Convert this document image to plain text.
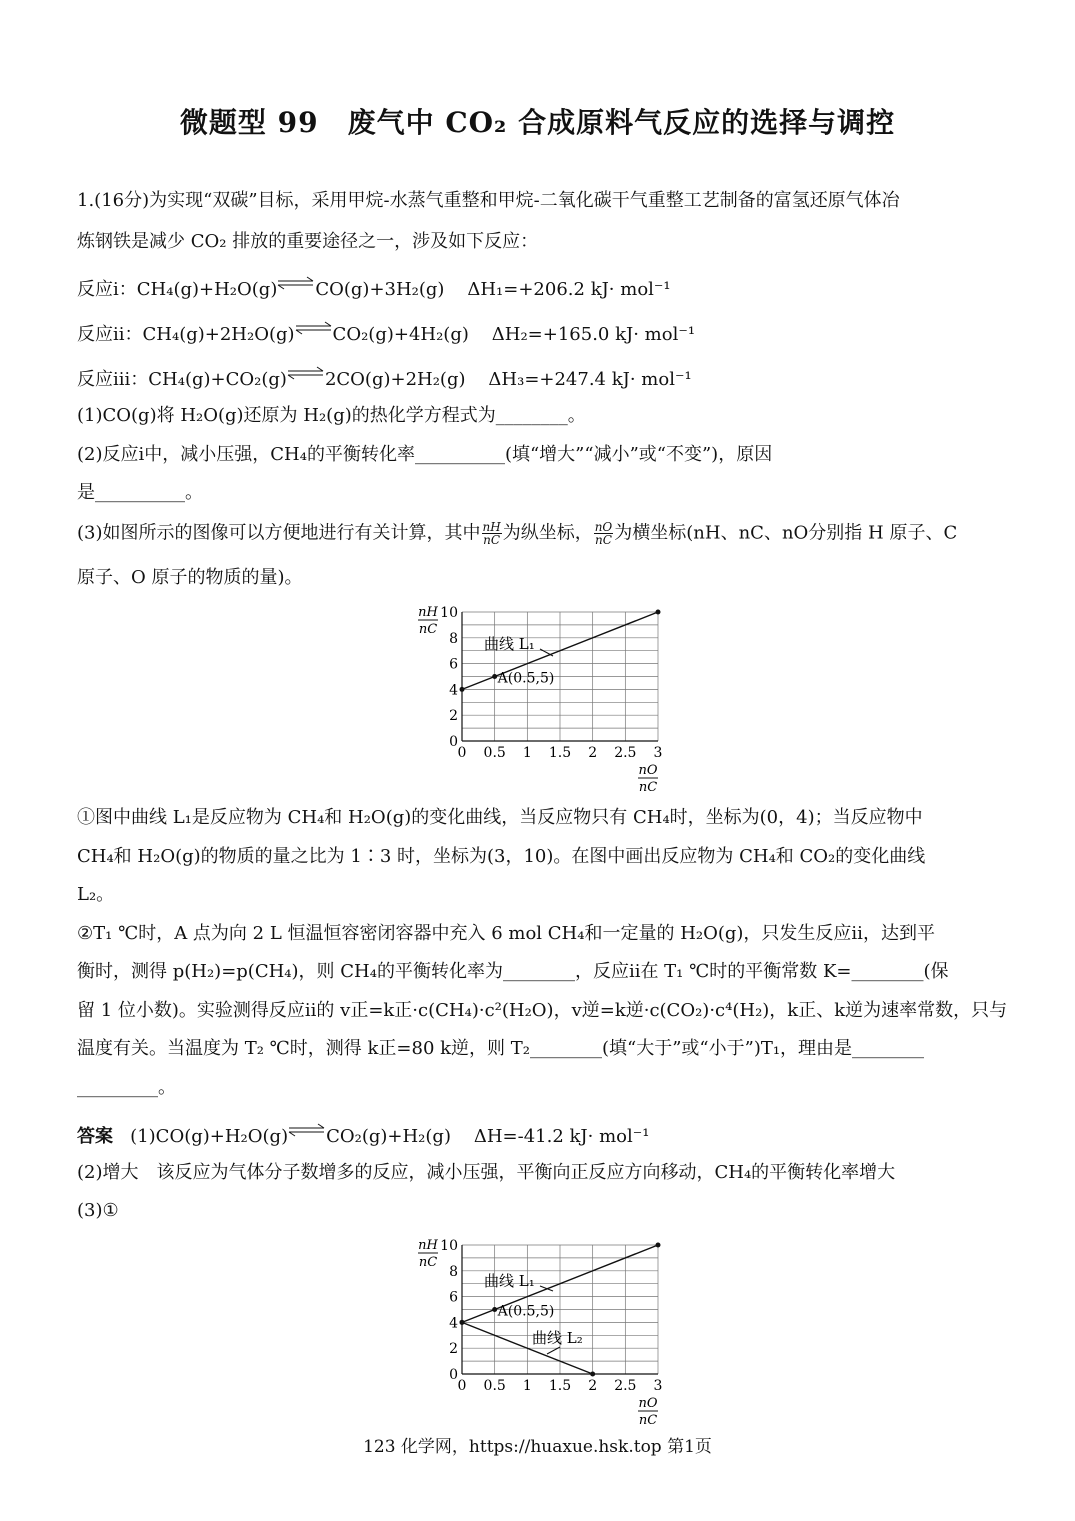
微题型 99　废气中 CO₂ 合成原料气反应的选择与调控
1.(16分)为实现“双碳”目标，采用甲烷-水蒸气重整和甲烷-二氧化碳干气重整工艺制备的富氢还原气体冶
炼钢铁是减少 CO₂ 排放的重要途径之一，涉及如下反应：
反应ⅰ：CH₄(g)+H₂O(g)⇌CO(g)+3H₂(g) ΔH₁=+206.2 kJ· mol⁻¹
反应ⅱ：CH₄(g)+2H₂O(g)⇌CO₂(g)+4H₂(g) ΔH₂=+165.0 kJ· mol⁻¹
反应ⅲ：CH₄(g)+CO₂(g)⇌2CO(g)+2H₂(g) ΔH₃=+247.4 kJ· mol⁻¹
(1)CO(g)将 H₂O(g)还原为 H₂(g)的热化学方程式为________。
(2)反应ⅰ中，减小压强，CH₄的平衡转化率__________(填“增大”“减小”或“不变”)，原因
是__________。
(3)如图所示的图像可以方便地进行有关计算，其中 $\frac{nH}{nC}$ 为纵坐标， $\frac{nO}{nC}$ 为横坐标(nH、nC、nO分别指 H 原子、C
原子、O 原子的物质的量)。
0 0.5 1 1.5 2 2.5 3
0
2
4
6
8
10
nH
nC
nO
nC
曲线 L₁
A(0.5,5)
①图中曲线 L₁是反应物为 CH₄和 H₂O(g)的变化曲线，当反应物只有 CH₄时，坐标为(0，4)；当反应物中
CH₄和 H₂O(g)的物质的量之比为 1∶3 时，坐标为(3，10)。在图中画出反应物为 CH₄和 CO₂的变化曲线
L₂。
②T₁ ℃时，A 点为向 2 L 恒温恒容密闭容器中充入 6 mol CH₄和一定量的 H₂O(g)，只发生反应ⅱ，达到平
衡时，测得 p(H₂)=p(CH₄)，则 CH₄的平衡转化率为________，反应ⅱ在 T₁ ℃时的平衡常数 K=________(保
留 1 位小数)。实验测得反应ⅱ的 v正=k正·c(CH₄)·c²(H₂O)，v逆=k逆·c(CO₂)·c⁴(H₂)，k正、k逆为速率常数，只与
温度有关。当温度为 T₂ ℃时，测得 k正=80 k逆，则 T₂________(填“大于”或“小于”)T₁，理由是________
_________。
答案 (1)CO(g)+H₂O(g)⇌CO₂(g)+H₂(g) ΔH=-41.2 kJ· mol⁻¹
(2)增大　该反应为气体分子数增多的反应，减小压强，平衡向正反应方向移动，CH₄的平衡转化率增大
(3)①
0 0.5 1 1.5 2 2.5 3
0
2
4
6
8
10
nH
nC
nO
nC
曲线 L₁
曲线 L₂
A(0.5,5)
123 化学网，https://huaxue.hsk.top 第1页
